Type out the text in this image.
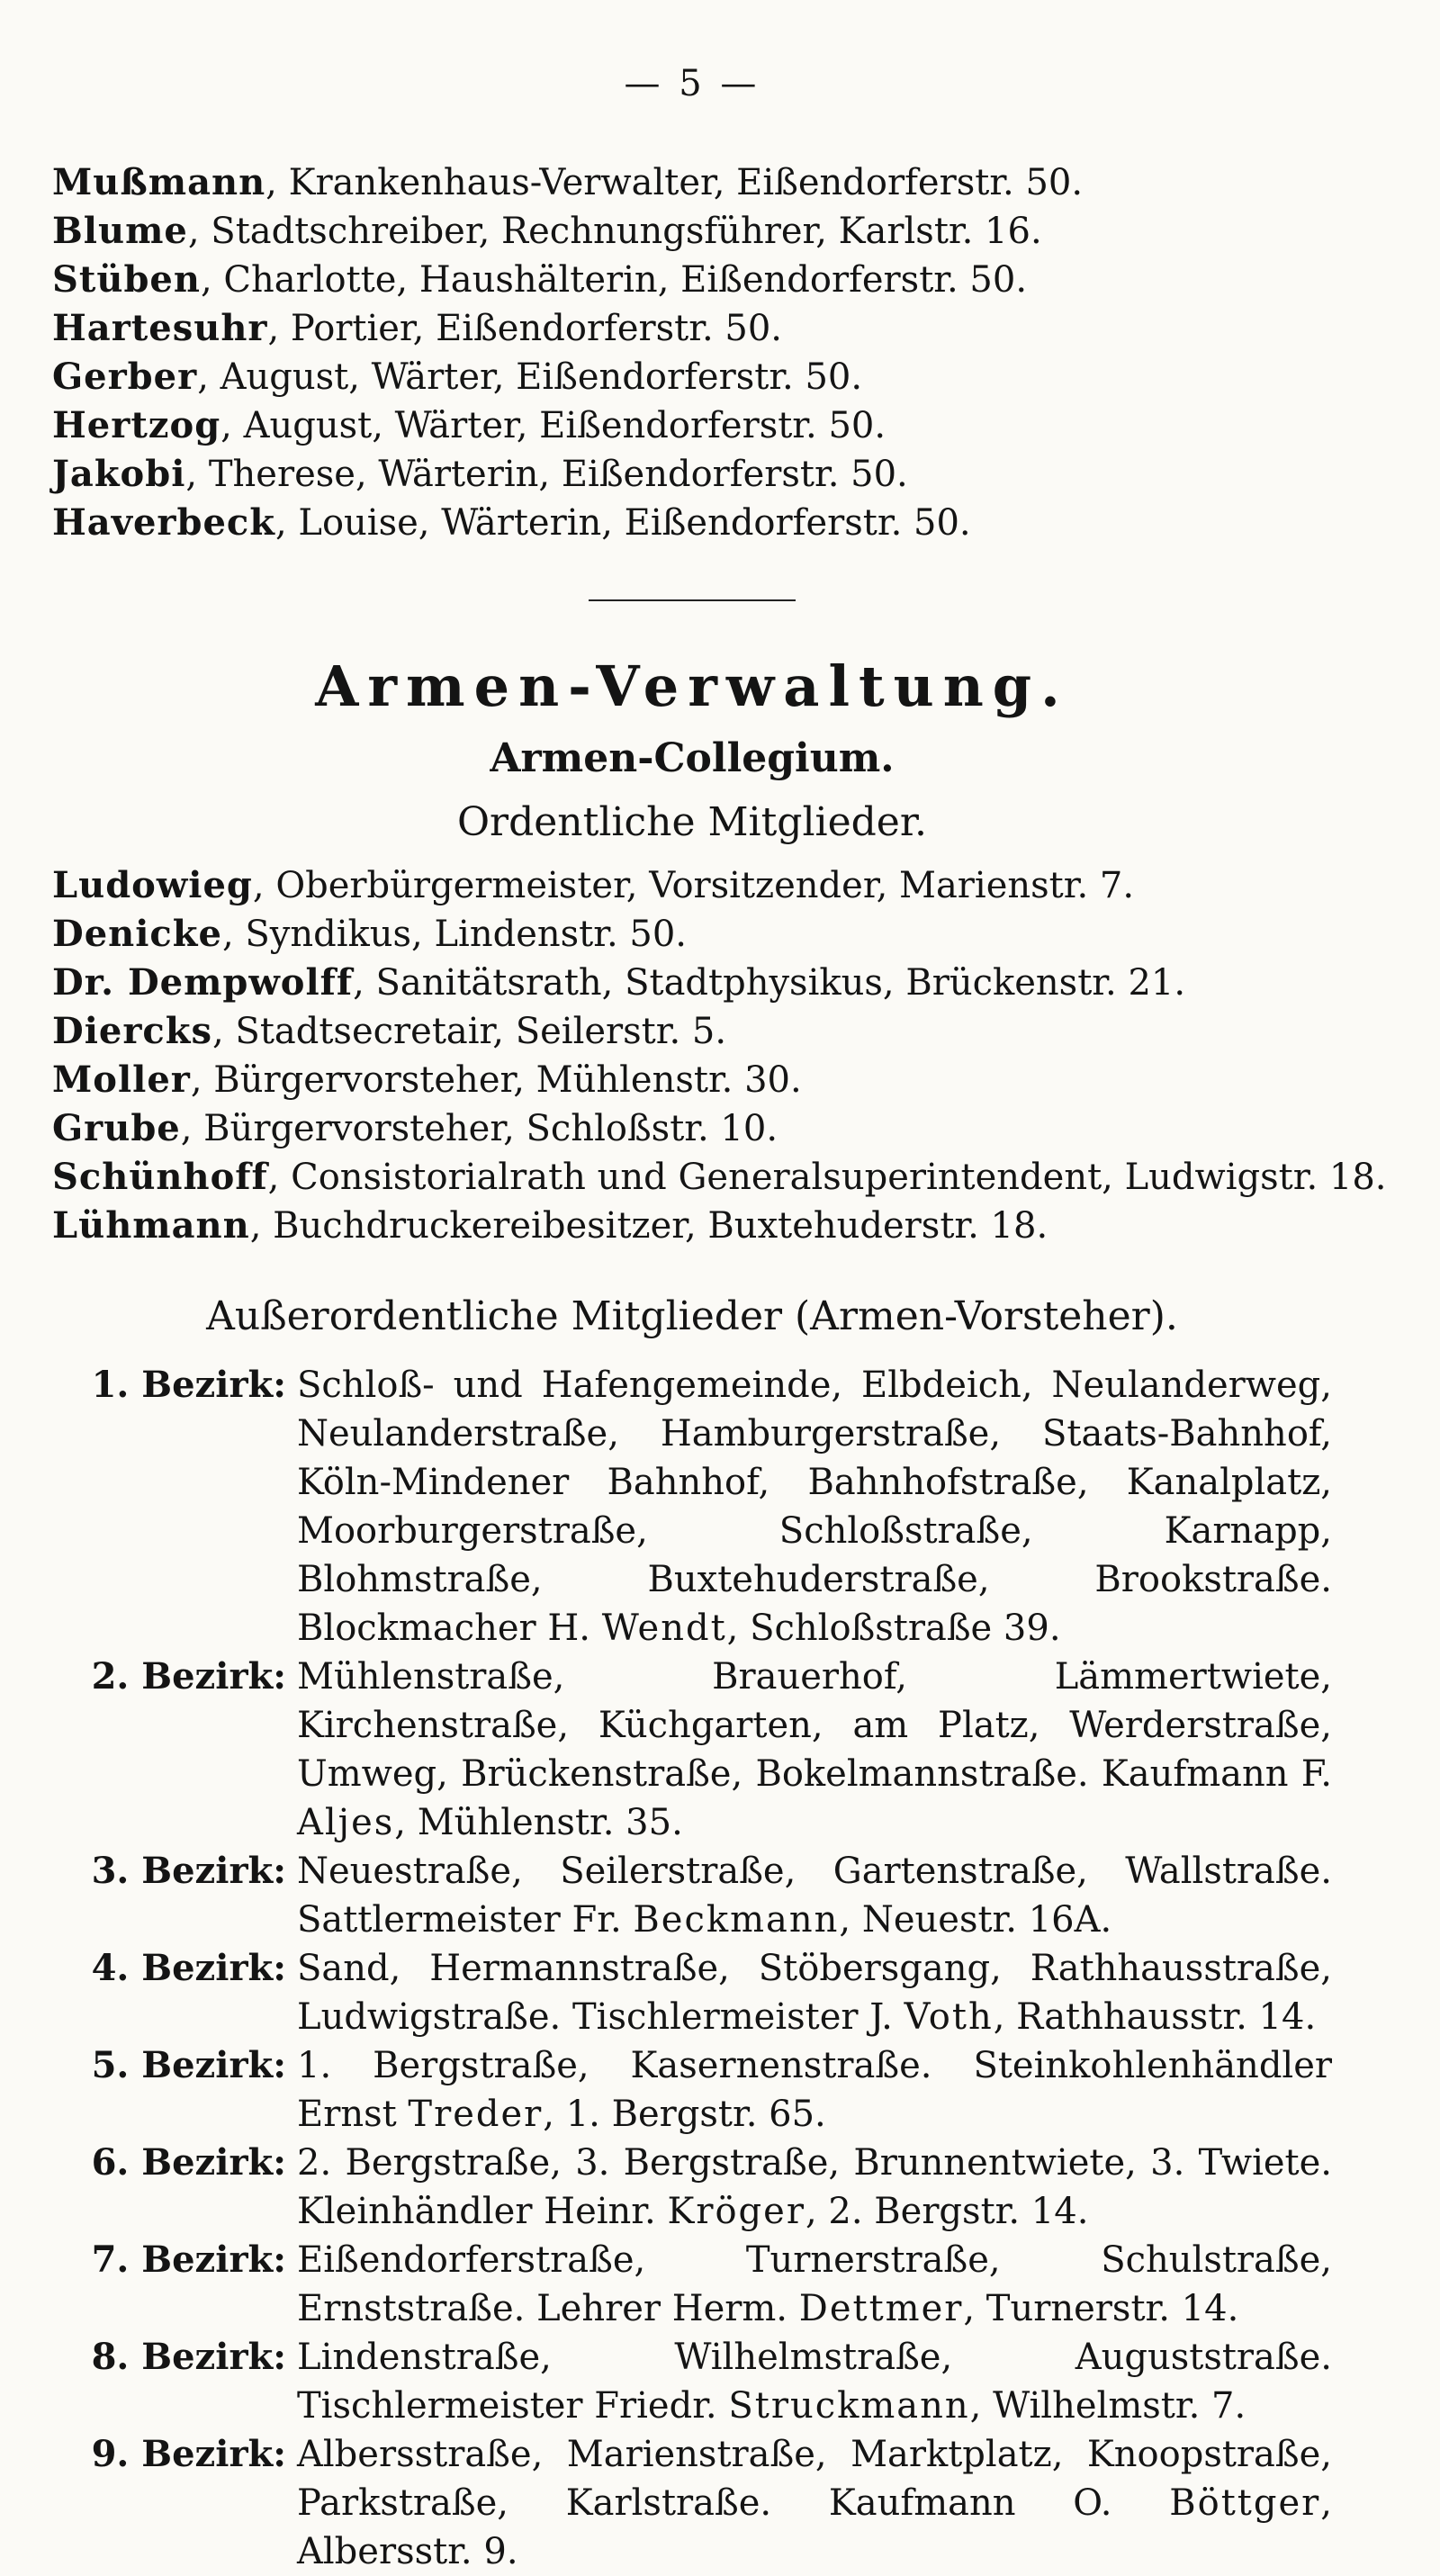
— 5 —
Mußmann, Krankenhaus-Verwalter, Eißendorferstr. 50.
Blume, Stadtschreiber, Rechnungsführer, Karlstr. 16.
Stüben, Charlotte, Haushälterin, Eißendorferstr. 50.
Hartesuhr, Portier, Eißendorferstr. 50.
Gerber, August, Wärter, Eißendorferstr. 50.
Hertzog, August, Wärter, Eißendorferstr. 50.
Jakobi, Therese, Wärterin, Eißendorferstr. 50.
Haverbeck, Louise, Wärterin, Eißendorferstr. 50.
Armen-Verwaltung.
Armen-Collegium.
Ordentliche Mitglieder.
Ludowieg, Oberbürgermeister, Vorsitzender, Marienstr. 7.
Denicke, Syndikus, Lindenstr. 50.
Dr. Dempwolff, Sanitätsrath, Stadtphysikus, Brückenstr. 21.
Diercks, Stadtsecretair, Seilerstr. 5.
Moller, Bürgervorsteher, Mühlenstr. 30.
Grube, Bürgervorsteher, Schloßstr. 10.
Schünhoff, Consistorialrath und Generalsuperintendent, Ludwigstr. 18.
Lühmann, Buchdruckereibesitzer, Buxtehuderstr. 18.
Außerordentliche Mitglieder (Armen-Vorsteher).
1. Bezirk: Schloß- und Hafengemeinde, Elbdeich, Neulanderweg, Neulanderstraße, Hamburgerstraße, Staats-Bahnhof, Köln-Mindener Bahnhof, Bahnhofstraße, Kanalplatz, Moorburgerstraße, Schloßstraße, Karnapp, Blohmstraße, Buxtehuderstraße, Brookstraße. Blockmacher H. Wendt, Schloßstraße 39.
2. Bezirk: Mühlenstraße, Brauerhof, Lämmertwiete, Kirchenstraße, Küchgarten, am Platz, Werderstraße, Umweg, Brückenstraße, Bokelmannstraße. Kaufmann F. Aljes, Mühlenstr. 35.
3. Bezirk: Neuestraße, Seilerstraße, Gartenstraße, Wallstraße. Sattlermeister Fr. Beckmann, Neuestr. 16A.
4. Bezirk: Sand, Hermannstraße, Stöbersgang, Rathhausstraße, Ludwigstraße. Tischlermeister J. Voth, Rathhausstr. 14.
5. Bezirk: 1. Bergstraße, Kasernenstraße. Steinkohlenhändler Ernst Treder, 1. Bergstr. 65.
6. Bezirk: 2. Bergstraße, 3. Bergstraße, Brunnentwiete, 3. Twiete. Kleinhändler Heinr. Kröger, 2. Bergstr. 14.
7. Bezirk: Eißendorferstraße, Turnerstraße, Schulstraße, Ernststraße. Lehrer Herm. Dettmer, Turnerstr. 14.
8. Bezirk: Lindenstraße, Wilhelmstraße, Auguststraße. Tischlermeister Friedr. Struckmann, Wilhelmstr. 7.
9. Bezirk: Albersstraße, Marienstraße, Marktplatz, Knoopstraße, Parkstraße, Karlstraße. Kaufmann O. Böttger, Albersstr. 9.
